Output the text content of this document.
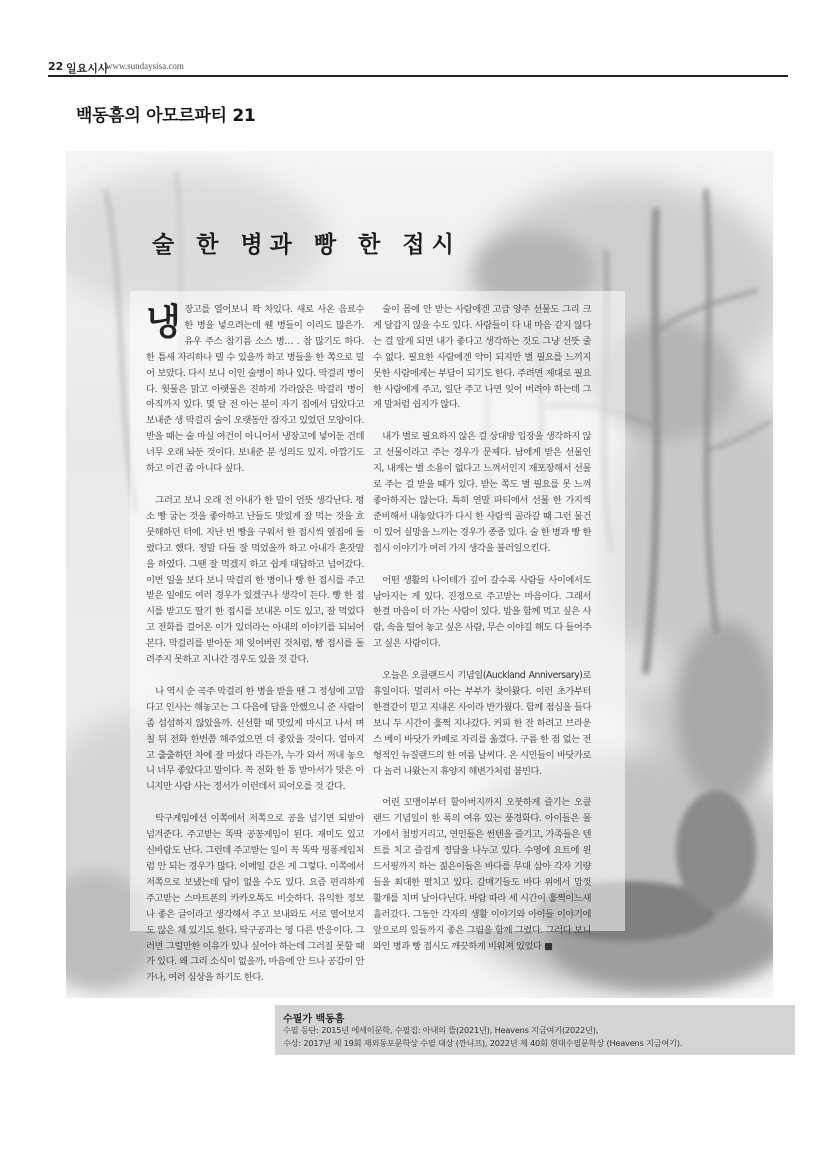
22 일요시사
www.sundaysisa.com
백동흠의 아모르파티 21
술 한 병과 빵 한 접시

냉장고를 열어보니 꽉 차있다. 새로 사온 음료수 한 병을 넣으려는데 웬 병들이 이리도 많은가. 유우 주스 참기름 소스 병… . 참 많기도 하다. 한 틈새 자리하나 텔 수 있을까 하고 병들을 한 쪽으로 밀어 보았다. 다시 보니 이인 술병이 하나 있다. 막걸리 병이다. 윗물은 맑고 아랫물은 진하게 가라앉은 막걸리 병이 아직까지 있다. 몇 달 전 아는 분이 자기 집에서 담았다고 보내준 생 막걸리 술이 오랫동안 잠자고 있었던 모양이다. 반을 때는 술 마실 여건이 아니어서 냉장고에 넣어둔 건데 너무 오래 놔둔 것이다. 보내준 분 성의도 있지. 아깝기도 하고 이건 좀 아니다 싶다.

그러고 보니 오래 전 아내가 한 말이 언뜻 생각난다. 평소 빵 굽는 것을 좋아하고 난들도 맛있게 잘 먹는 것을 흐뭇해하던 터에. 지난 번 빵을 구워서 한 접시씩 옆집에 돌렸다고 했다. 정말 다들 잘 먹었을까 하고 아내가 혼잣말을 하였다. 그땐 잘 먹겠지 하고 쉽게 대답하고 넘어갔다. 이번 일을 보다 보니 막걸리 한 병이나 빵 한 접시를 주고받은 일에도 여러 경우가 있겠구나 생각이 든다. 빵 한 접시를 받고도 딸기 한 접시를 보내온 이도 있고, 잘 먹었다고 전화를 걸어온 이가 있더라는 아내의 이야기를 되뇌어 본다. 막걸리를 받아둔 채 잊어버린 것처럼, 빵 접시를 돌려주지 못하고 지나간 경우도 있을 것 같다.

나 역시 순 곡주 막걸리 한 병을 받을 땐 그 정성에 고맙다고 인사는 해놓고는 그 다음에 답을 안했으니 준 사람이 좀 섭섭하지 않았을까. 신선할 때 맛있게 마시고 나서 며칠 뒤 전화 한번쯤 해주었으면 더 좋았을 것이다. 얼마지고 출출하던 차에 잘 마셨다 라든가, 누가 와서 꺼내 놓으니 너무 좋았다고 말이다. 꼭 전화 한 통 받아서가 맛은 아니지만 사람 사는 정서가 이런데서 피어오를 것 같다.

탁구게임에선 이쪽에서 저쪽으로 공을 넘기면 되받아 넘겨준다. 주고받는 똑딱 공꽁게임이 된다. 재미도 있고 신바람도 난다. 그런데 주고받는 일이 꼭 똑딱 핑퐁게임처럼 안 되는 경우가 많다. 이메일 같은 게 그렇다. 이쪽에서 저쪽으로 보냈는데 답이 없을 수도 있다. 요즘 편리하게 주고받는 스마트폰의 카카오톡도 비슷하다. 유익한 정보나 좋은 글이라고 생각해서 주고 보내와도 서로 열어보지도 않은 채 있기도 한다. 탁구공과는 영 다른 반응이다. 그러면 그럴만한 이유가 있나 싶어야 하는데 그러질 못할 때가 있다. 왜 그리 소식이 없을까, 마음에 안 드나 공감이 안가나, 여러 심상을 하기도 한다.

술이 몸에 안 받는 사람에겐 고급 양주 선물도 그리 크게 달갑지 않을 수도 있다. 사람들이 다 내 마음 같지 않다는 걸 알게 되면 내가 좋다고 생각하는 것도 그냥 선뜻 줄 수 없다. 필요한 사람에겐 약이 되지만 별 필요를 느끼지 못한 사람에게는 부담이 되기도 한다. 주려면 제대로 필요한 사람에게 주고, 일단 주고 나면 잊어 버려야 하는데 그게 말처럼 쉽지가 않다.

내가 별로 필요하지 않은 걸 상대방 입장을 생각하지 않고 선물이라고 주는 경우가 문제다. 남에게 받은 선물인지, 내게는 별 소용이 없다고 느껴서인지 재포장해서 선물로 주는 걸 받을 때가 있다. 받는 쪽도 별 필요를 못 느껴 좋아하지는 않는다. 특히 연말 파티에서 선물 한 가지씩 준비해서 내놓았다가 다시 한 사람씩 골라갈 때 그런 물건이 있어 실망을 느끼는 경우가 종종 있다. 술 한 병과 빵 한 접시 이야기가 여러 가지 생각을 불러일으킨다.

어떤 생활의 나이테가 깊어 갈수록 사람들 사이에서도 남아지는 게 있다. 진정으로 주고받는 마음이다. 그래서 한결 마음이 더 가는 사람이 있다. 밥을 함께 먹고 싶은 사람, 속을 털어 놓고 싶은 사람, 무슨 이야길 해도 다 들어주고 싶은 사람이다.

오늘은 오클랜드시 기념일(Auckland Anniversary)로 휴일이다. 멀리서 아는 부부가 찾아왔다. 이런 초가부터 한결같이 믿고 지내온 사이라 반가웠다. 함께 점심을 들다 보니 두 시간이 훌쩍 지나갔다. 커피 한 잔 하려고 브라운스 베이 바닷가 카페로 자리를 옮겼다. 구름 한 점 없는 전형적인 뉴질랜드의 한 여름 날씨다. 온 시민들이 바닷가로 다 놀러 나왔는지 휴양지 해변가처럼 붐빈다.

어린 꼬맹이부터 할아버지까지 오붓하게 즐기는 오클랜드 기념일이 한 폭의 여유 있는 풍경화다. 아이들은 물가에서 첨벙거리고, 연인들은 썬텐을 즐기고, 가족들은 텐트를 치고 즐겁게 정담을 나누고 있다. 수영에 요트에 윈드서핑까지 하는 젊은이들은 바다를 무대 삼아 각자 기량들을 최대한 펼치고 있다. 갈매기들도 바다 위에서 맘껏 활개를 치며 날아다닌다. 바람 따라 세 시간이 훌쩍이느새 흘러갔다. 그동안 각자의 생활 이야기와 아이들 이야기에 앞으로의 일들까지 좋은 그림을 함께 그렸다. 그러다 보니 와인 병과 빵 접시도 깨끗하게 비워져 있었다 ■

수필가 백동흠
수필 등단: 2015년 에세이문학, 수필집: 아내의 뜰(2021년), Heavens 지금여기(2022년),
수상: 2017년 제 19회 재외동포문학상 수필 대상 (깐니프), 2022년 제 40회 현대수필문학상 (Heavens 지금여기).
